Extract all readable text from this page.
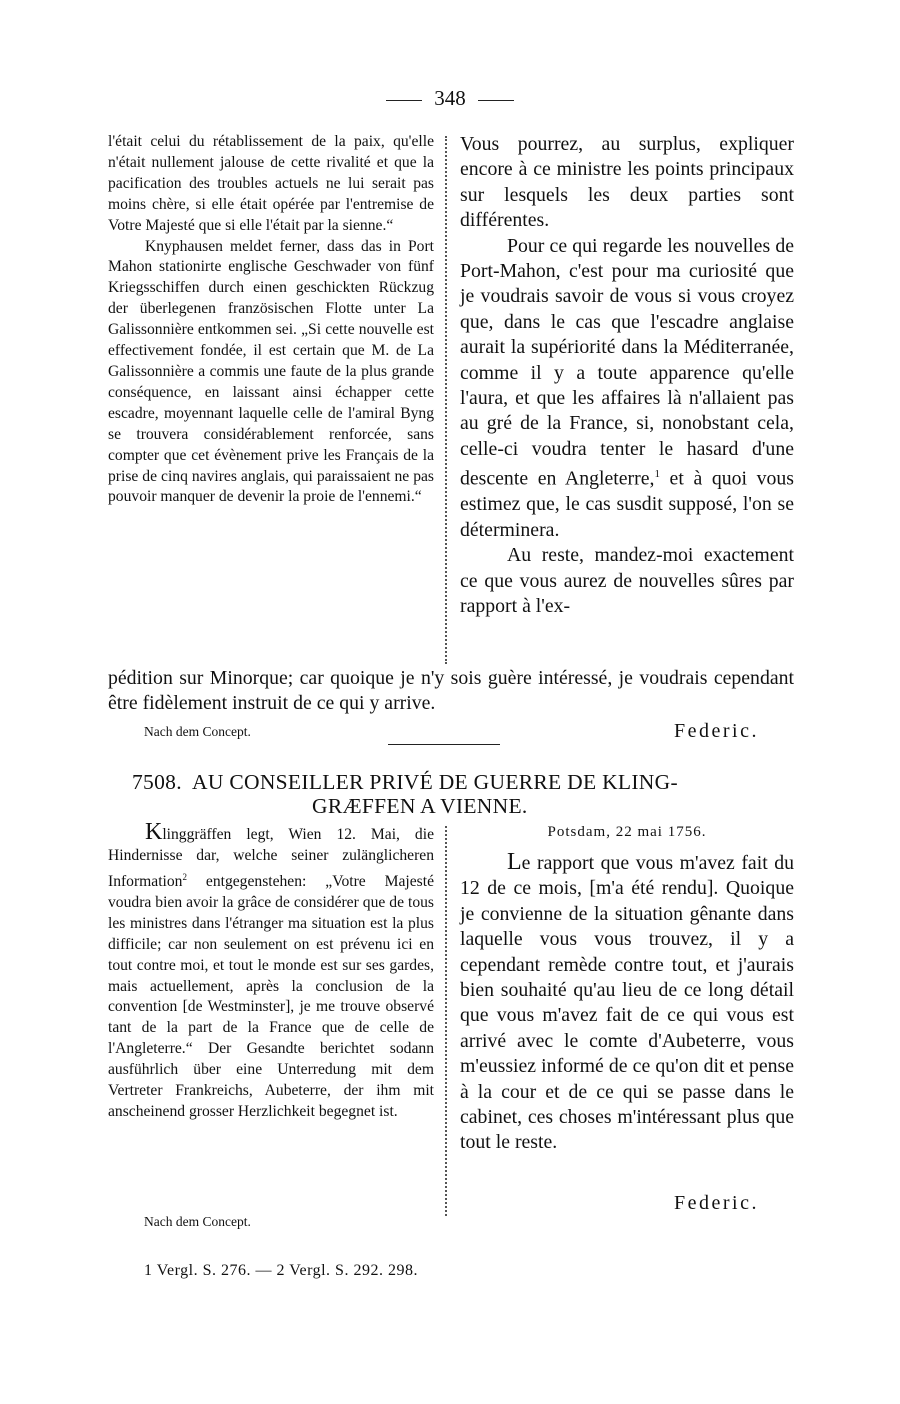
348

l'était celui du rétablissement de la paix, qu'elle n'était nullement jalouse de cette rivalité et que la pacification des troubles actuels ne lui serait pas moins chère, si elle était opérée par l'entremise de Votre Majesté que si elle l'était par la sienne.“

Knyphausen meldet ferner, dass das in Port Mahon stationirte englische Geschwader von fünf Kriegsschiffen durch einen geschickten Rückzug der überlegenen französischen Flotte unter La Galissonnière entkommen sei. „Si cette nouvelle est effectivement fondée, il est certain que M. de La Galissonnière a commis une faute de la plus grande conséquence, en laissant ainsi échapper cette escadre, moyennant laquelle celle de l'amiral Byng se trouvera considérablement renforcée, sans compter que cet évènement prive les Français de la prise de cinq navires anglais, qui paraissaient ne pas pouvoir manquer de devenir la proie de l'ennemi.“

Vous pourrez, au surplus, expliquer encore à ce ministre les points principaux sur lesquels les deux parties sont différentes.

Pour ce qui regarde les nouvelles de Port-Mahon, c'est pour ma curiosité que je voudrais savoir de vous si vous croyez que, dans le cas que l'escadre anglaise aurait la supériorité dans la Méditerranée, comme il y a toute apparence qu'elle l'aura, et que les affaires là n'allaient pas au gré de la France, si, nonobstant cela, celle-ci voudra tenter le hasard d'une descente en Angleterre,$^1$ et à quoi vous estimez que, le cas susdit supposé, l'on se déterminera.

Au reste, mandez-moi exactement ce que vous aurez de nouvelles sûres par rapport à l'ex-

pédition sur Minorque; car quoique je n'y sois guère intéressé, je voudrais cependant être fidèlement instruit de ce qui y arrive.
Nach dem Concept.	Federic.
7508. AU CONSEILLER PRIVÉ DE GUERRE DE KLING-
GRÆFFEN A VIENNE.

Klinggräffen legt, Wien 12. Mai, die Hindernisse dar, welche seiner zulänglicheren Information$^2$ entgegenstehen: „Votre Majesté voudra bien avoir la grâce de considérer que de tous les ministres dans l'étranger ma situation est la plus difficile; car non seulement on est prévenu ici en tout contre moi, et tout le monde est sur ses gardes, mais actuellement, après la conclusion de la convention [de Westminster], je me trouve observé tant de la part de la France que de celle de l'Angleterre.“ Der Gesandte berichtet sodann ausführlich über eine Unterredung mit dem Vertreter Frankreichs, Aubeterre, der ihm mit anscheinend grosser Herzlichkeit begegnet ist.

Potsdam, 22 mai 1756.

Le rapport que vous m'avez fait du 12 de ce mois, [m'a été rendu]. Quoique je convienne de la situation gênante dans laquelle vous vous trouvez, il y a cependant remède contre tout, et j'aurais bien souhaité qu'au lieu de ce long détail que vous m'avez fait de ce qui vous est arrivé avec le comte d'Aubeterre, vous m'eussiez informé de ce qu'on dit et pense à la cour et de ce qui se passe dans le cabinet, ces choses m'intéressant plus que tout le reste.

Federic.
Nach dem Concept.
1 Vergl. S. 276. — 2 Vergl. S. 292. 298.
